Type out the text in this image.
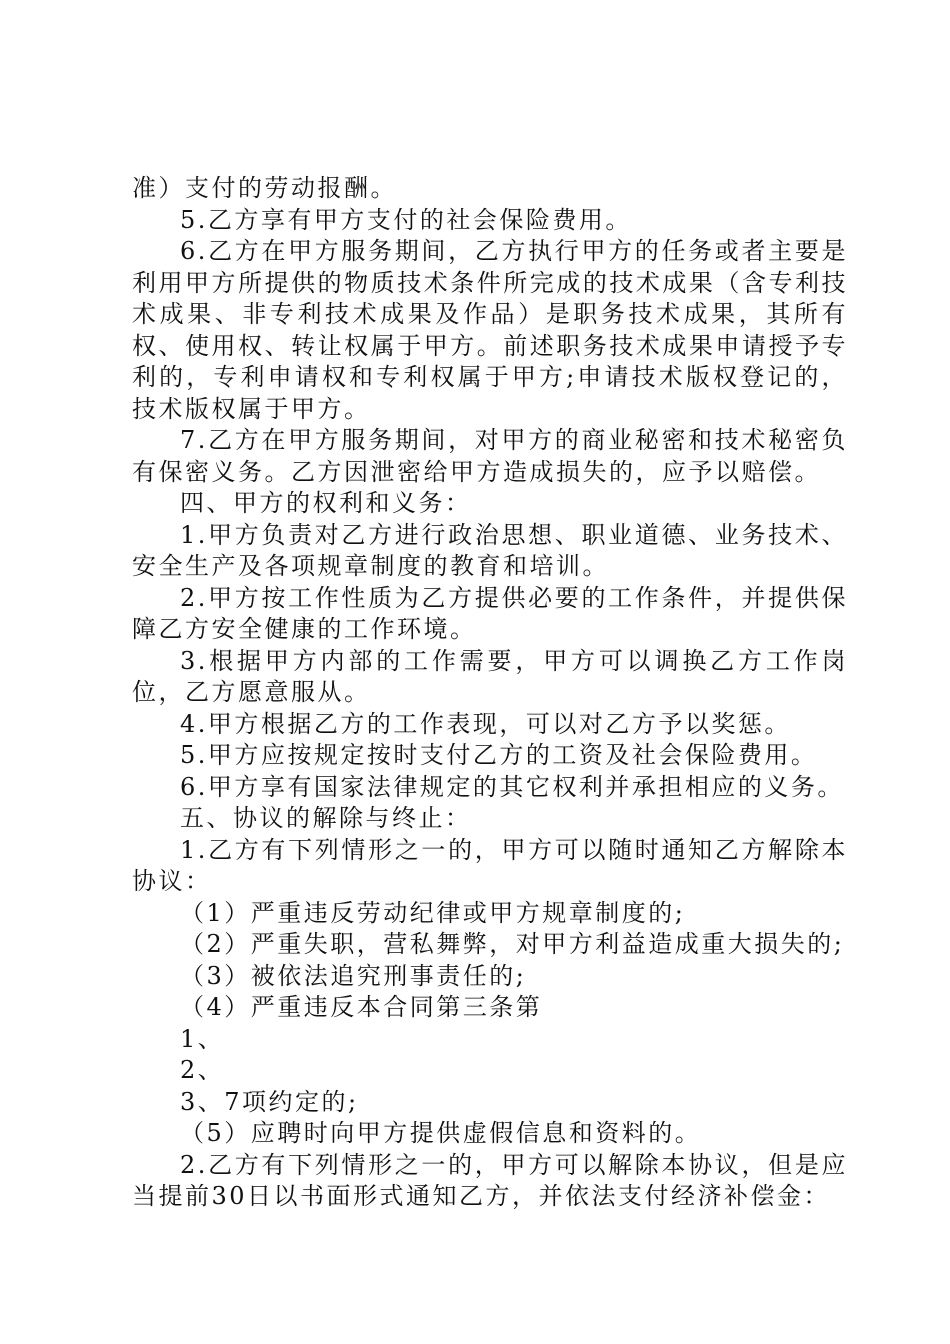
准）支付的劳动报酬。

5.乙方享有甲方支付的社会保险费用。

6.乙方在甲方服务期间，乙方执行甲方的任务或者主要是利用甲方所提供的物质技术条件所完成的技术成果（含专利技术成果、非专利技术成果及作品）是职务技术成果，其所有权、使用权、转让权属于甲方。前述职务技术成果申请授予专利的，专利申请权和专利权属于甲方;申请技术版权登记的，技术版权属于甲方。

7.乙方在甲方服务期间，对甲方的商业秘密和技术秘密负有保密义务。乙方因泄密给甲方造成损失的，应予以赔偿。

四、甲方的权利和义务：

1.甲方负责对乙方进行政治思想、职业道德、业务技术、安全生产及各项规章制度的教育和培训。

2.甲方按工作性质为乙方提供必要的工作条件，并提供保障乙方安全健康的工作环境。

3.根据甲方内部的工作需要，甲方可以调换乙方工作岗位，乙方愿意服从。

4.甲方根据乙方的工作表现，可以对乙方予以奖惩。

5.甲方应按规定按时支付乙方的工资及社会保险费用。

6.甲方享有国家法律规定的其它权利并承担相应的义务。

五、协议的解除与终止：

1.乙方有下列情形之一的，甲方可以随时通知乙方解除本协议：

（1）严重违反劳动纪律或甲方规章制度的;

（2）严重失职，营私舞弊，对甲方利益造成重大损失的;

（3）被依法追究刑事责任的;

（4）严重违反本合同第三条第

1、

2、

3、7项约定的;

（5）应聘时向甲方提供虚假信息和资料的。

2.乙方有下列情形之一的，甲方可以解除本协议，但是应当提前30日以书面形式通知乙方，并依法支付经济补偿金：
